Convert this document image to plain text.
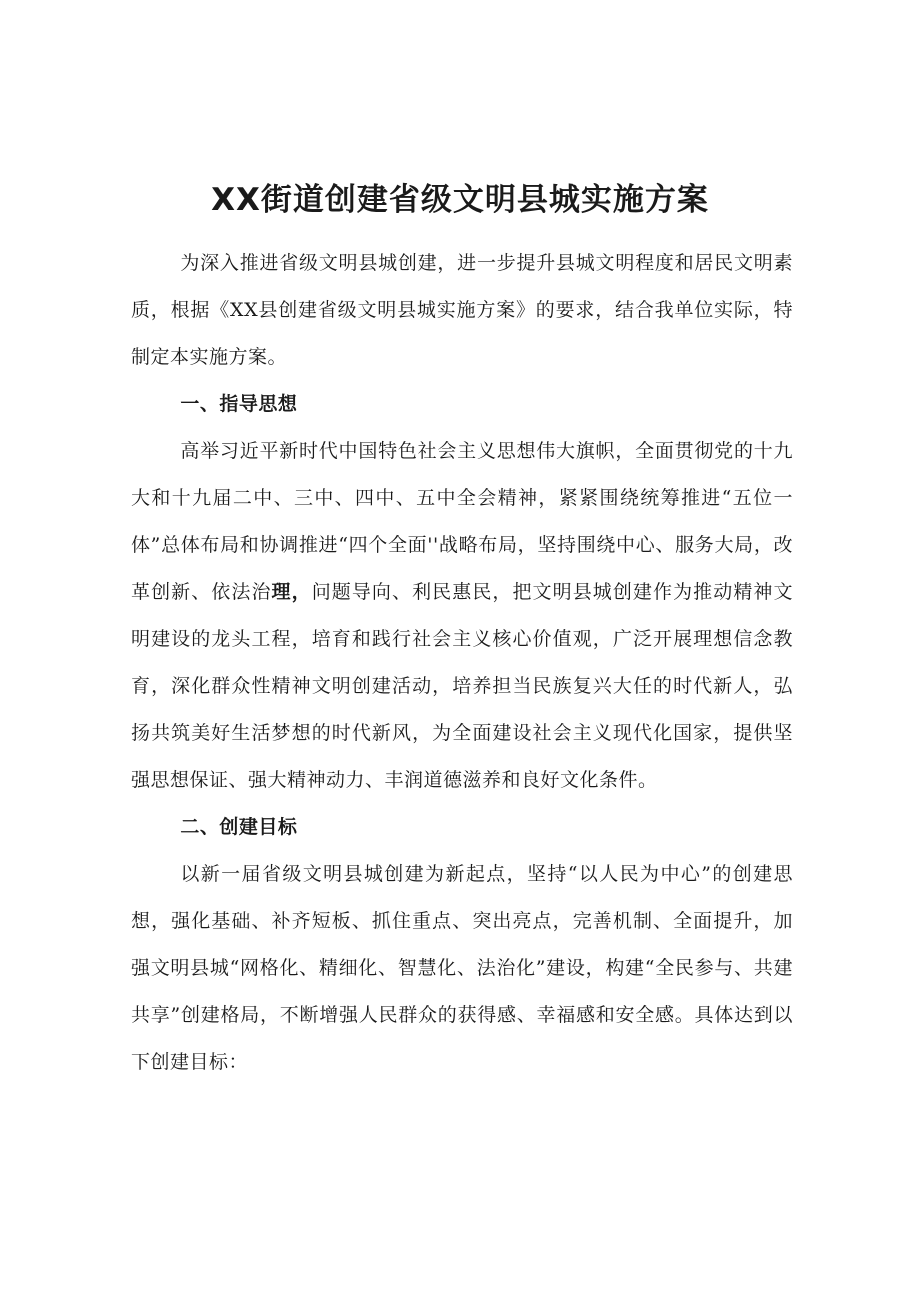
XX街道创建省级文明县城实施方案

为深入推进省级文明县城创建，进一步提升县城文明程度和居民文明素质，根据《XX县创建省级文明县城实施方案》的要求，结合我单位实际，特制定本实施方案。

一、指导思想

高举习近平新时代中国特色社会主义思想伟大旗帜，全面贯彻党的十九大和十九届二中、三中、四中、五中全会精神，紧紧围绕统筹推进“五位一体”总体布局和协调推进“四个全面''战略布局，坚持围绕中心、服务大局，改革创新、依法治理，问题导向、利民惠民，把文明县城创建作为推动精神文明建设的龙头工程，培育和践行社会主义核心价值观，广泛开展理想信念教育，深化群众性精神文明创建活动，培养担当民族复兴大任的时代新人，弘扬共筑美好生活梦想的时代新风，为全面建设社会主义现代化国家，提供坚强思想保证、强大精神动力、丰润道德滋养和良好文化条件。

二、创建目标

以新一届省级文明县城创建为新起点，坚持“以人民为中心”的创建思想，强化基础、补齐短板、抓住重点、突出亮点，完善机制、全面提升，加强文明县城“网格化、精细化、智慧化、法治化”建设，构建“全民参与、共建共享”创建格局，不断增强人民群众的获得感、幸福感和安全感。具体达到以下创建目标：
